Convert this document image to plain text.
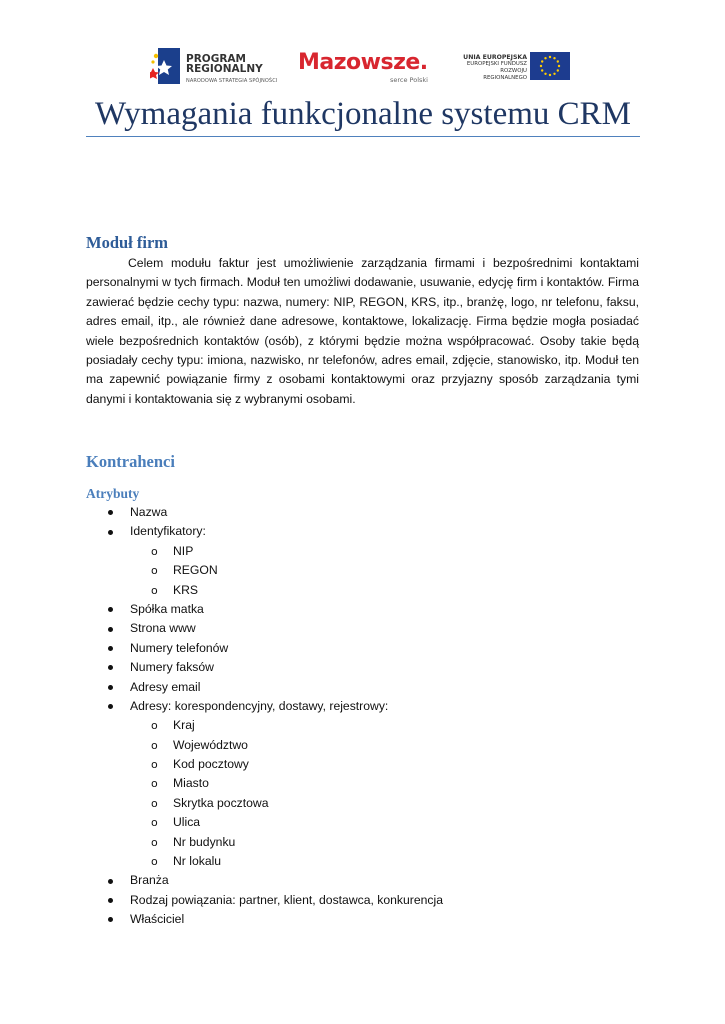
PROGRAM
REGIONALNY
NARODOWA STRATEGIA SPÓJNOŚCI
Mazowsze.
serce Polski
UNIA EUROPEJSKA
EUROPEJSKI FUNDUSZ
ROZWOJU REGIONALNEGO
Wymagania funkcjonalne systemu CRM
Moduł firm

Celem modułu faktur jest umożliwienie zarządzania firmami i bezpośrednimi kontaktami personalnymi w tych firmach. Moduł ten umożliwi dodawanie, usuwanie, edycję firm i kontaktów. Firma zawierać będzie cechy typu: nazwa, numery: NIP, REGON, KRS, itp., branżę, logo, nr telefonu, faksu, adres email, itp., ale również dane adresowe, kontaktowe, lokalizację. Firma będzie mogła posiadać wiele bezpośrednich kontaktów (osób), z którymi będzie można współpracować. Osoby takie będą posiadały cechy typu: imiona, nazwisko, nr telefonów, adres email, zdjęcie, stanowisko, itp. Moduł ten ma zapewnić powiązanie firmy z osobami kontaktowymi oraz przyjazny sposób zarządzania tymi danymi i kontaktowania się z wybranymi osobami.

Kontrahenci
Atrybuty
Nazwa
Identyfikatory:
o NIP
o REGON
o KRS
Spółka matka
Strona www
Numery telefonów
Numery faksów
Adresy email
Adresy: korespondencyjny, dostawy, rejestrowy:
o Kraj
o Województwo
o Kod pocztowy
o Miasto
o Skrytka pocztowa
o Ulica
o Nr budynku
o Nr lokalu
Branża
Rodzaj powiązania: partner, klient, dostawca, konkurencja
Właściciel
